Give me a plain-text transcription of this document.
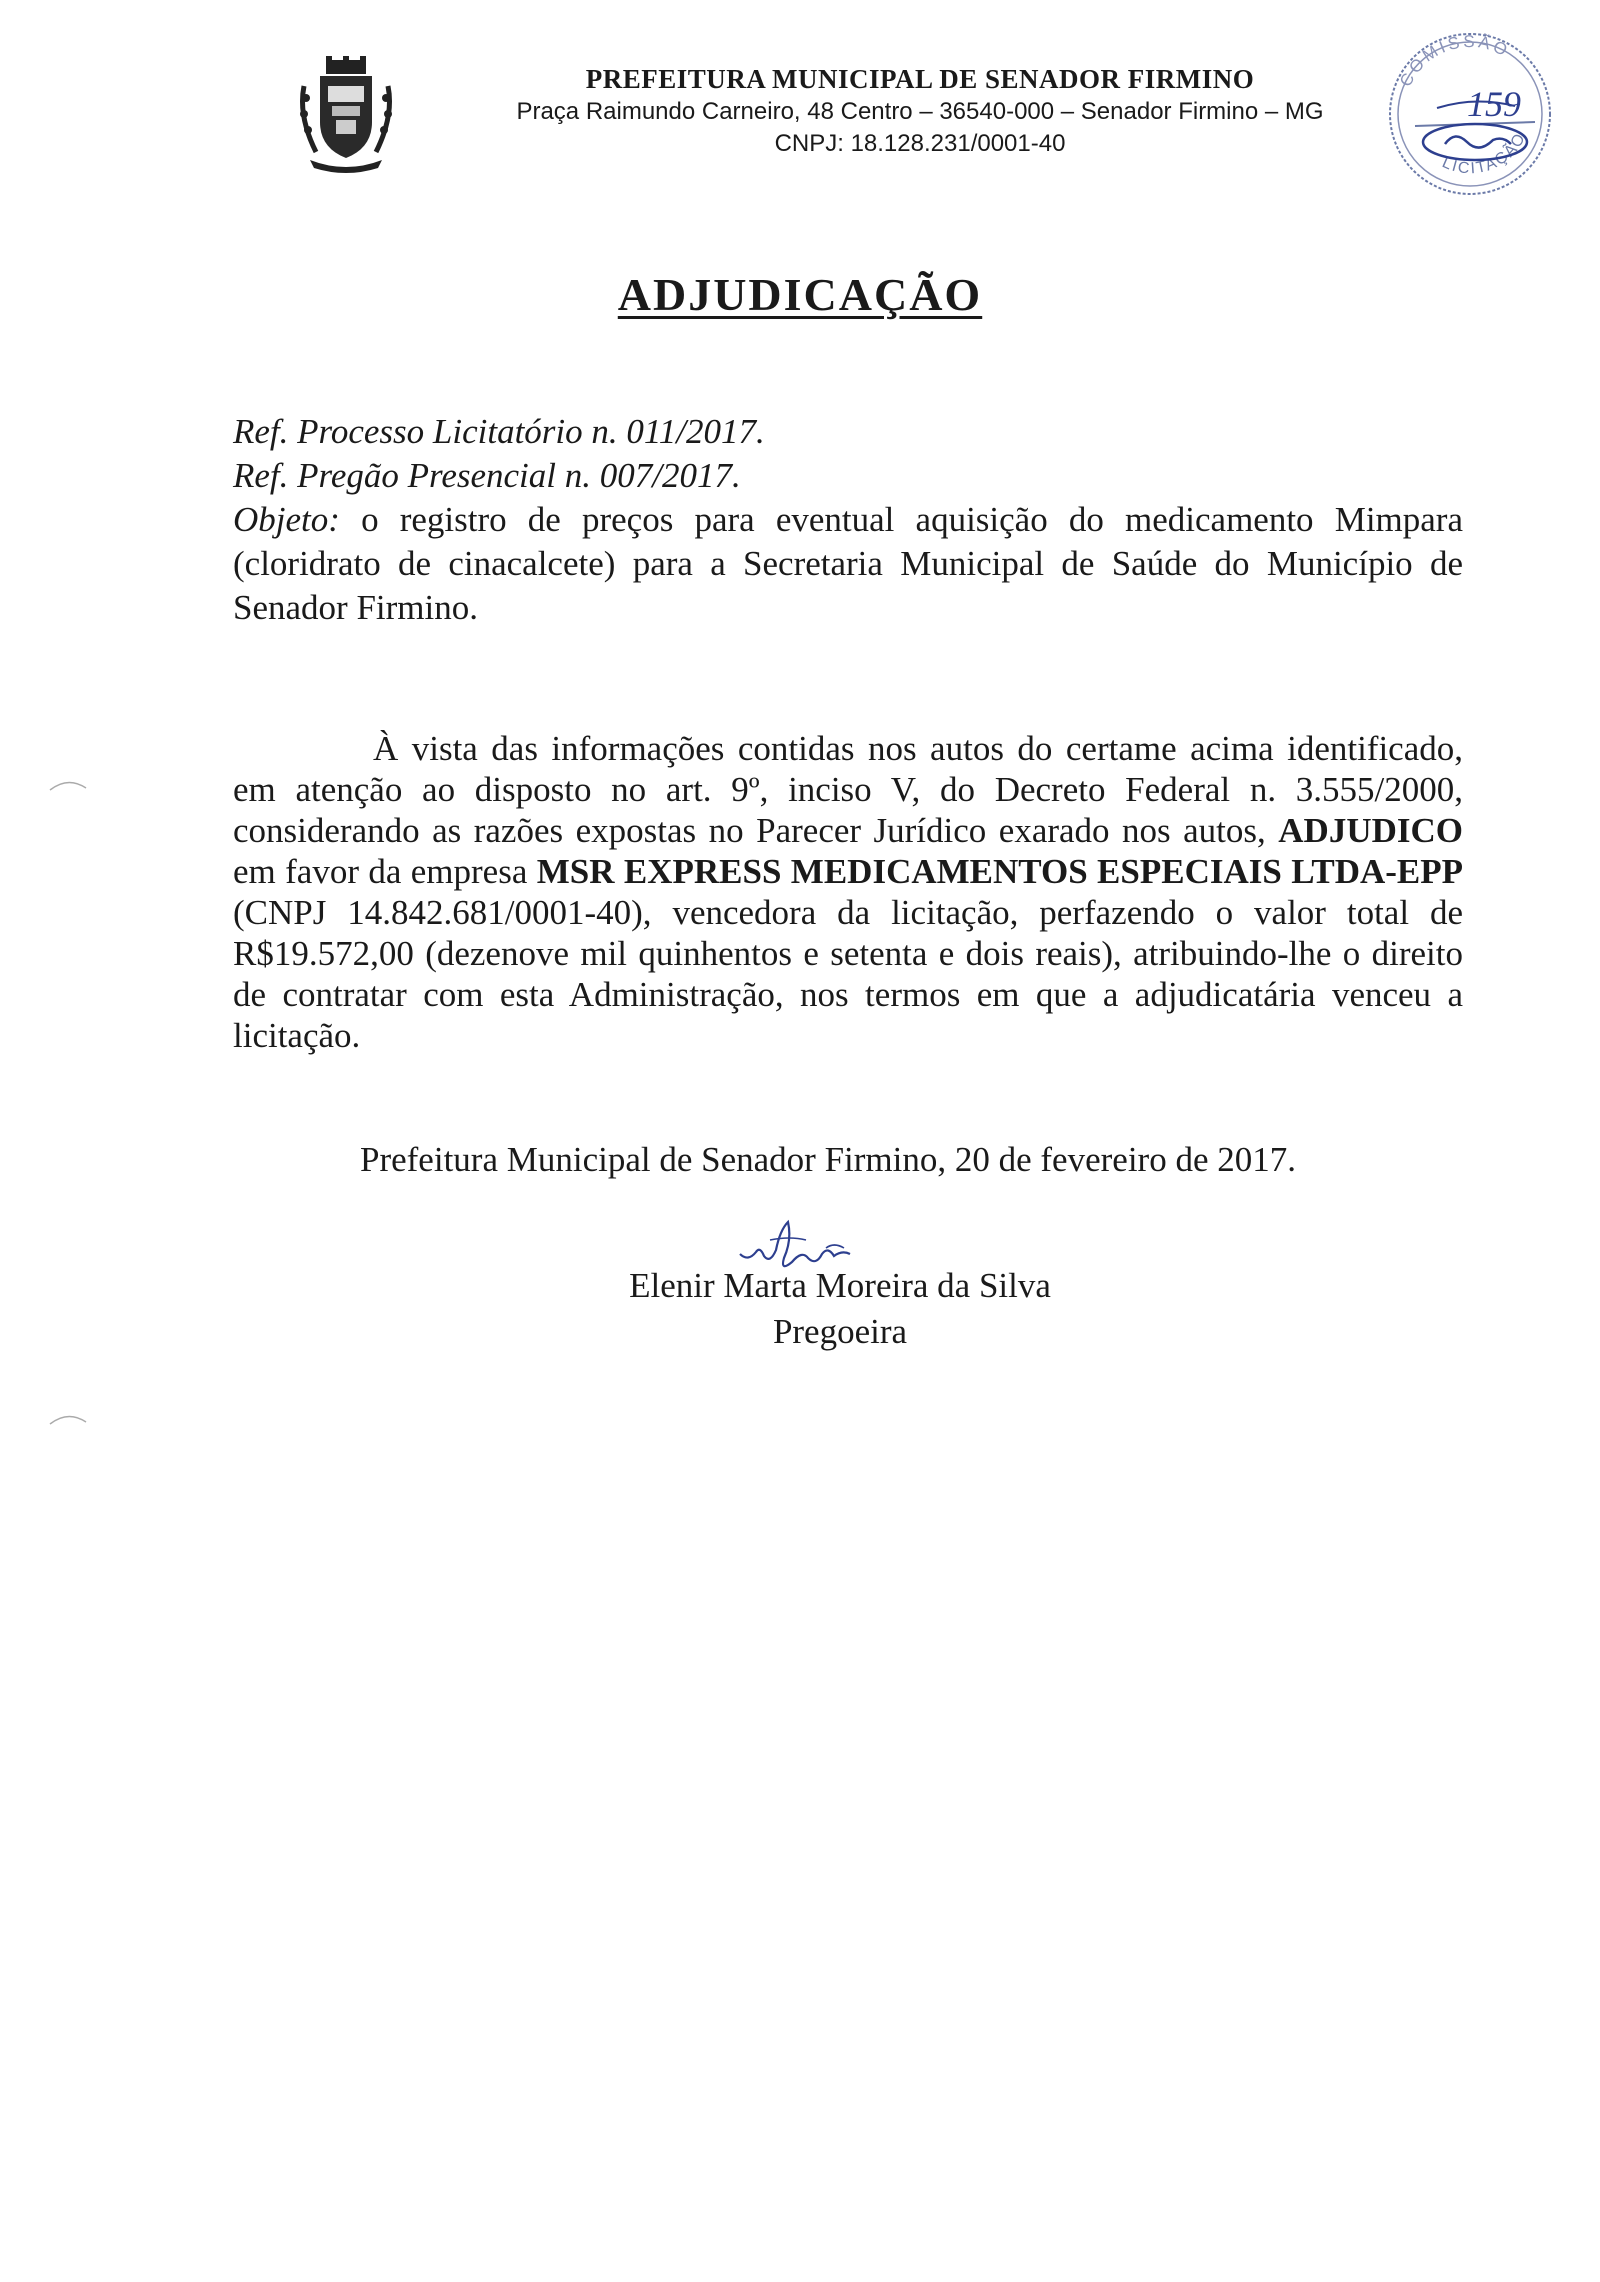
PREFEITURA MUNICIPAL DE SENADOR FIRMINO
Praça Raimundo Carneiro, 48 Centro – 36540-000 – Senador Firmino – MG
CNPJ: 18.128.231/0001-40
COMISSÃO
LICITAÇÃO
159
ADJUDICAÇÃO
Ref. Processo Licitatório n. 011/2017.
Ref. Pregão Presencial n. 007/2017.
Objeto: o registro de preços para eventual aquisição do medicamento Mimpara (cloridrato de cinacalcete) para a Secretaria Municipal de Saúde do Município de Senador Firmino.
À vista das informações contidas nos autos do certame acima identificado, em atenção ao disposto no art. 9º, inciso V, do Decreto Federal n. 3.555/2000, considerando as razões expostas no Parecer Jurídico exarado nos autos, ADJUDICO em favor da empresa MSR EXPRESS MEDICAMENTOS ESPECIAIS LTDA-EPP (CNPJ 14.842.681/0001-40), vencedora da licitação, perfazendo o valor total de R$19.572,00 (dezenove mil quinhentos e setenta e dois reais), atribuindo-lhe o direito de contratar com esta Administração, nos termos em que a adjudicatária venceu a licitação.
Prefeitura Municipal de Senador Firmino, 20 de fevereiro de 2017.
Elenir Marta Moreira da Silva
Pregoeira
